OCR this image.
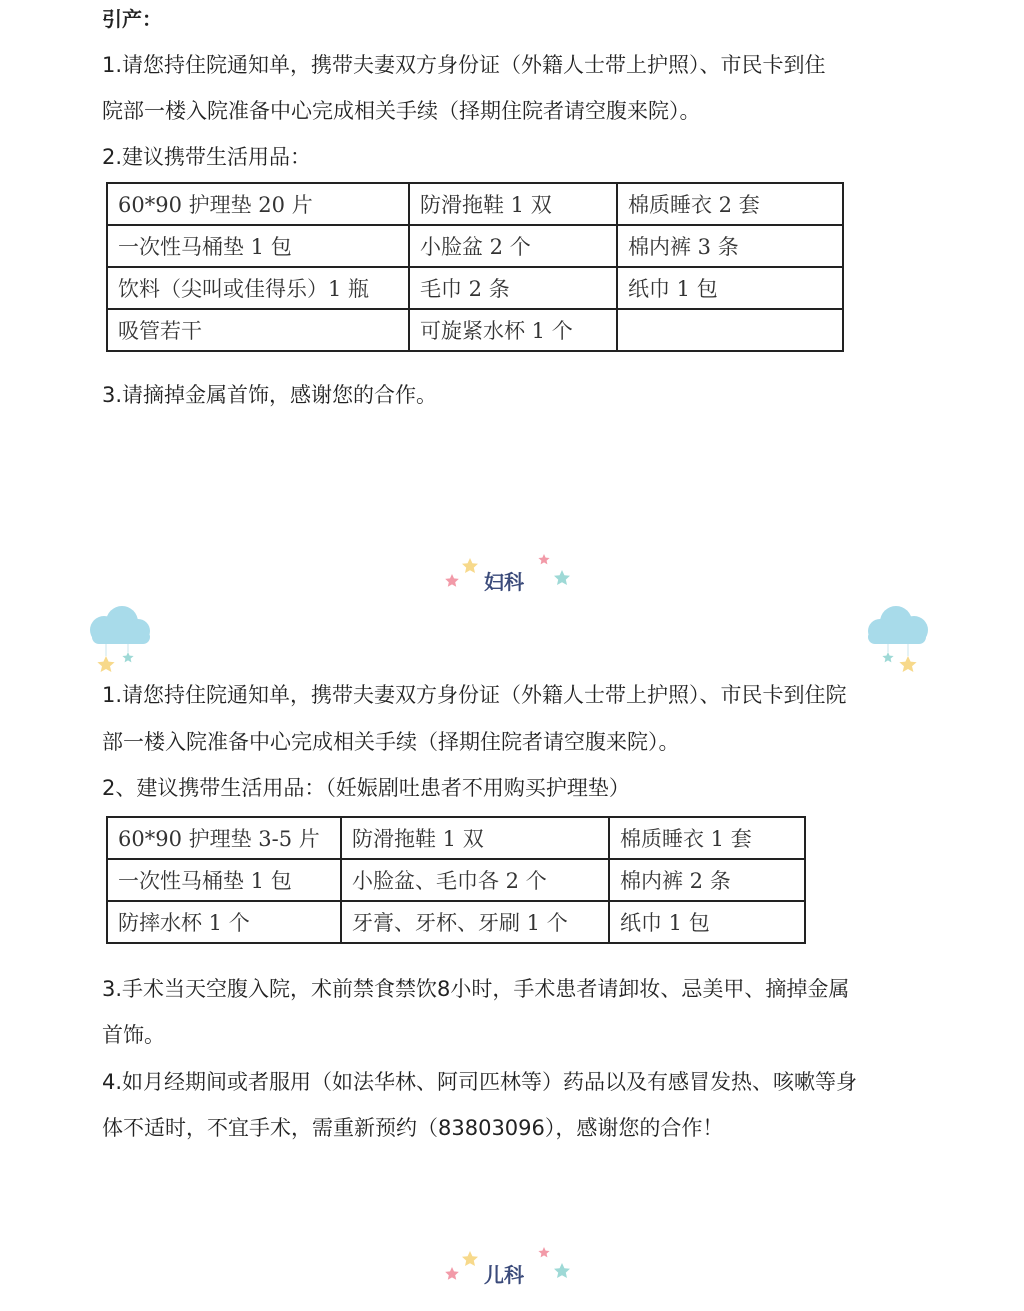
引产：
1.请您持住院通知单，携带夫妻双方身份证（外籍人士带上护照）、市民卡到住
院部一楼入院准备中心完成相关手续（择期住院者请空腹来院）。
2.建议携带生活用品：
60*90 护理垫 20 片	防滑拖鞋 1 双	棉质睡衣 2 套
一次性马桶垫 1 包	小脸盆 2 个	棉内裤 3 条
饮料（尖叫或佳得乐）1 瓶	毛巾 2 条	纸巾 1 包
吸管若干	可旋紧水杯 1 个	
3.请摘掉金属首饰，感谢您的合作。
妇科
1.请您持住院通知单，携带夫妻双方身份证（外籍人士带上护照）、市民卡到住院
部一楼入院准备中心完成相关手续（择期住院者请空腹来院）。
2、建议携带生活用品：（妊娠剧吐患者不用购买护理垫）
60*90 护理垫 3-5 片	防滑拖鞋 1 双	棉质睡衣 1 套
一次性马桶垫 1 包	小脸盆、毛巾各 2 个	棉内裤 2 条
防摔水杯 1 个	牙膏、牙杯、牙刷 1 个	纸巾 1 包
3.手术当天空腹入院，术前禁食禁饮8小时，手术患者请卸妆、忌美甲、摘掉金属
首饰。
4.如月经期间或者服用（如法华林、阿司匹林等）药品以及有感冒发热、咳嗽等身
体不适时，不宜手术，需重新预约（83803096），感谢您的合作！
儿科
